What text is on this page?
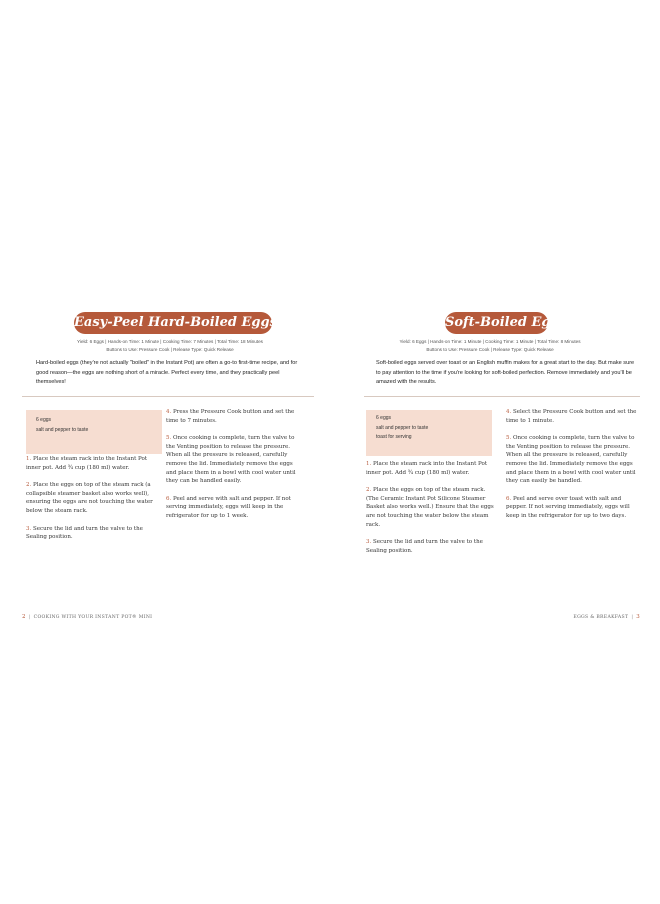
Easy-Peel Hard-Boiled Eggs
Yield: 6 Eggs | Hands-on Time: 1 Minute | Cooking Time: 7 Minutes | Total Time: 18 Minutes
Buttons to Use: Pressure Cook | Release Type: Quick Release
Hard-boiled eggs (they're not actually "boiled" in the Instant Pot) are often a go-to first-time recipe, and for good reason—the eggs are nothing short of a miracle. Perfect every time, and they practically peel themselves!
6 eggs
salt and pepper to taste

1. Place the steam rack into the Instant Pot inner pot. Add ¾ cup (180 ml) water.

2. Place the eggs on top of the steam rack (a collapsible steamer basket also works well), ensuring the eggs are not touching the water below the steam rack.

3. Secure the lid and turn the valve to the Sealing position.

4. Press the Pressure Cook button and set the time to 7 minutes.

5. Once cooking is complete, turn the valve to the Venting position to release the pressure. When all the pressure is released, carefully remove the lid. Immediately remove the eggs and place them in a bowl with cool water until they can be handled easily.

6. Peel and serve with salt and pepper. If not serving immediately, eggs will keep in the refrigerator for up to 1 week.

2 | COOKING WITH YOUR INSTANT POT® MINI
Soft-Boiled Eggs
Yield: 6 Eggs | Hands-on Time: 1 Minute | Cooking Time: 1 Minute | Total Time: 8 Minutes
Buttons to Use: Pressure Cook | Release Type: Quick Release
Soft-boiled eggs served over toast or an English muffin makes for a great start to the day. But make sure to pay attention to the time if you're looking for soft-boiled perfection. Remove immediately and you'll be amazed with the results.
6 eggs
salt and pepper to taste
toast for serving

1. Place the steam rack into the Instant Pot inner pot. Add ¾ cup (180 ml) water.

2. Place the eggs on top of the steam rack. (The Ceramic Instant Pot Silicone Steamer Basket also works well.) Ensure that the eggs are not touching the water below the steam rack.

3. Secure the lid and turn the valve to the Sealing position.

4. Select the Pressure Cook button and set the time to 1 minute.

5. Once cooking is complete, turn the valve to the Venting position to release the pressure. When all the pressure is released, carefully remove the lid. Immediately remove the eggs and place them in a bowl with cool water until they can easily be handled.

6. Peel and serve over toast with salt and pepper. If not serving immediately, eggs will keep in the refrigerator for up to two days.

EGGS & BREAKFAST | 3
